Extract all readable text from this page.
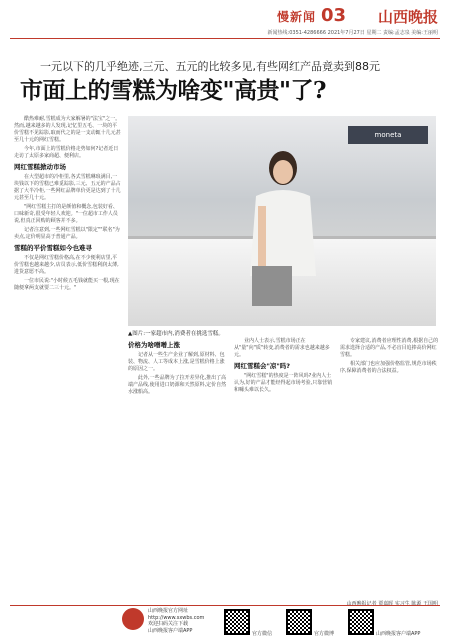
慢新闻 03 山西晚报
新闻热线:0351-4286666 2021年7月27日 星期二 责编:孟志泉 美编:王丽明
一元以下的几乎绝迹,三元、五元的比较多见,有些网红产品竟卖到88元
市面上的雪糕为啥变"高贵"了?

酷热难耐,雪糕成为大家解暑的"法宝"之一。然而,越来越多的人发现,记忆里五毛、一块的平价雪糕不见踪影,取而代之的是一支动辄十几元甚至几十元的网红雪糕。

今年,市面上的雪糕价格走势如何?记者近日走访了太原多家商超、便利店。

网红雪糕掀动市场

在大型超市的冷柜里,各式雪糕琳琅满目,一块钱以下的雪糕已难觅踪影,三元、五元的产品占据了大半冷柜,一些网红品牌单价更是达到了十几元甚至几十元。

"网红雪糕主打的是颜值和概念,包装好看、口味新奇,很受年轻人欢迎。"一位超市工作人员说,但真正回购的顾客并不多。

记者注意到,一些网红雪糕以"限定""联名"为卖点,定价明显高于普通产品。

雪糕的平价雪糕如今也难寻

不仅是网红雪糕价格高,在不少便利店里,平价雪糕也越来越少,店员表示,低价雪糕利润太薄,进货意愿不高。

一位市民说:"小时候五毛钱就能买一根,现在随便拿两支就要二三十元。"

moneta
▲图片:一家超市内,消费者在挑选雪糕。
价格为啥噌噌上涨

记者从一些生产企业了解到,原材料、包装、物流、人工等成本上涨,是雪糕价格上涨的原因之一。

此外,一些品牌为了拉开差异化,推出了高端产品线,使用进口奶源和天然原料,定价自然水涨船高。

业内人士表示,雪糕市场正在从"量"向"质"转变,消费者的需求也越来越多元。

网红雪糕会"凉"吗?

"网红雪糕"的热度是一阵风吗?业内人士认为,好的产品才能经得起市场考验,只靠营销和噱头难以长久。

专家建议,消费者应理性消费,根据自己的需求选择合适的产品,不必盲目追捧高价网红雪糕。

相关部门也应加强价格监管,规范市场秩序,保障消费者的合法权益。

山西晚报记者 贾嘉晖 实习生 陈源 王国明
山西晚报官方网址
http://www.sxwbs.com
欢迎扫码关注下载
山西晚报客户端APP
官方微信	官方微博	山西晚报客户端APP
